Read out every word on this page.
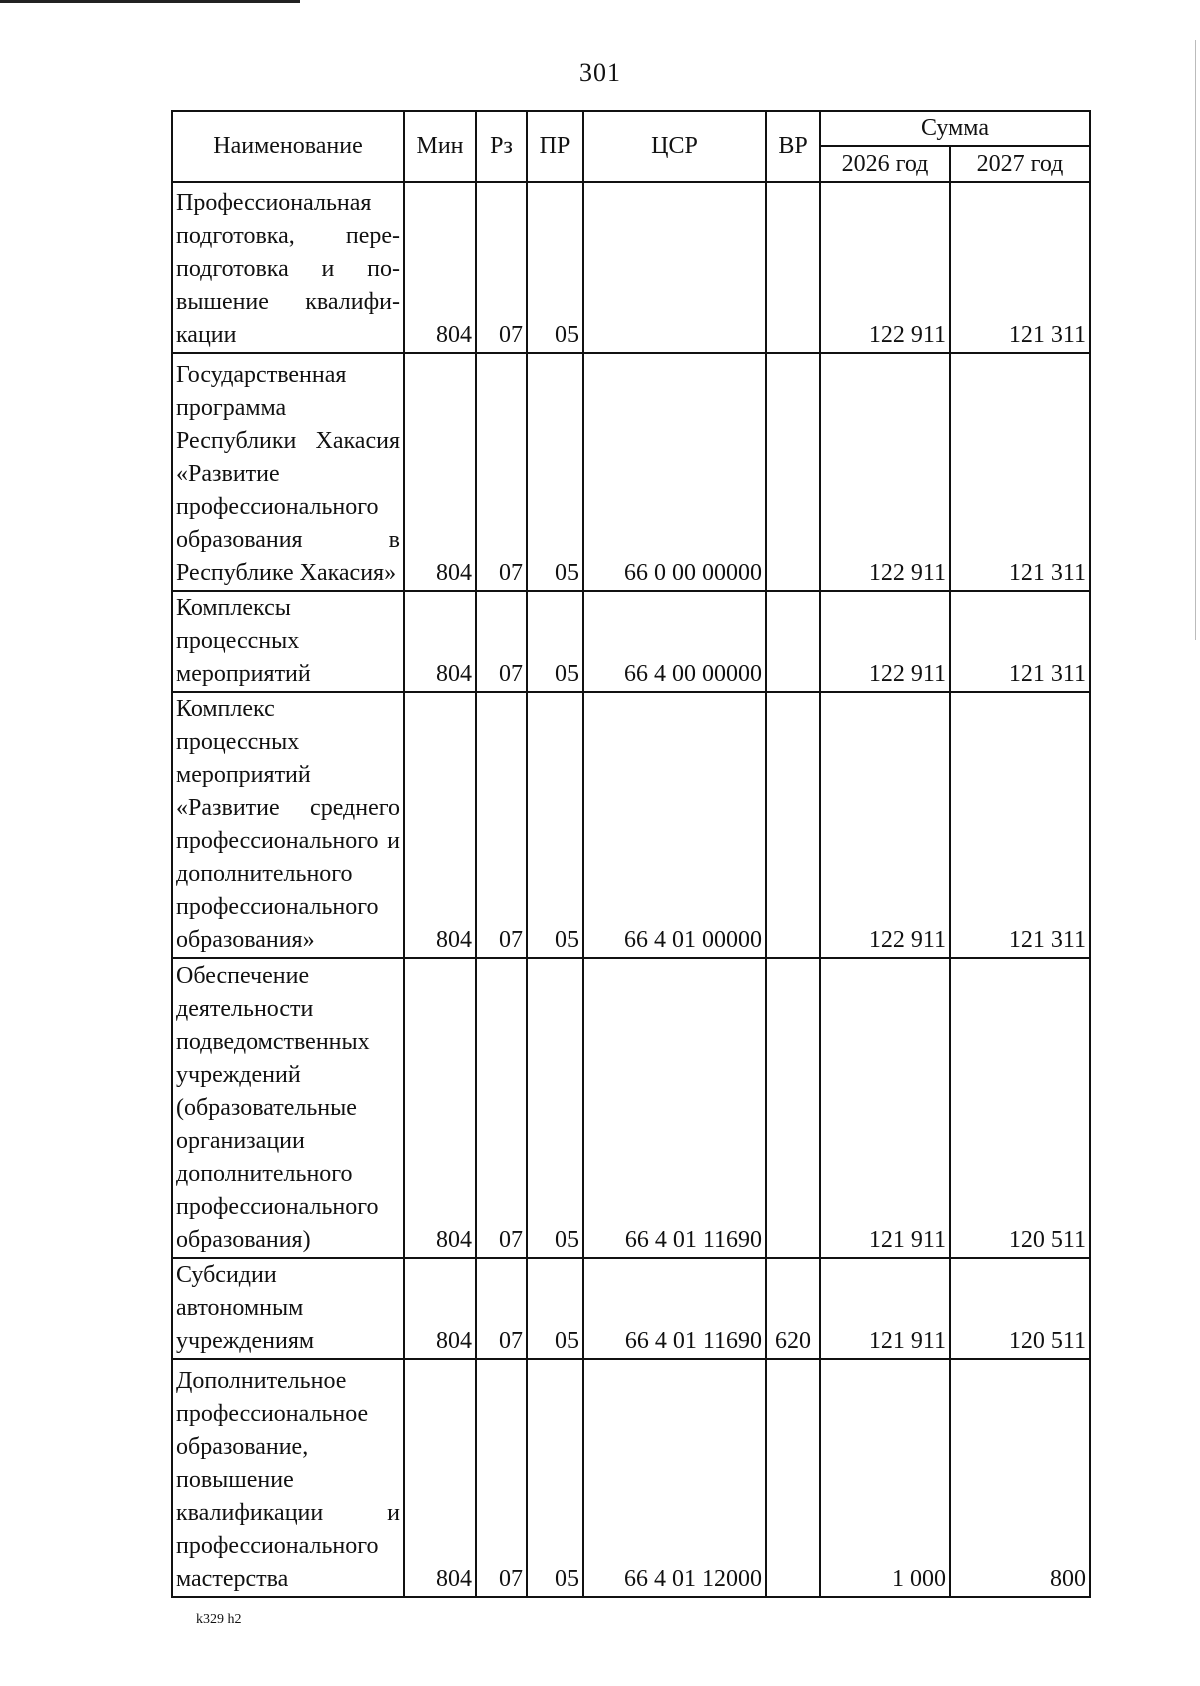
301
Наименование	Мин	Рз	ПР	ЦСР	ВР	Сумма	
						2026 год	2027 год
Профессиональная подготовка, пере-подготовка и по-вышение квалифи-кации	804	07	05			122 911	121 311
Государственная программа Республики Хакасия «Развитие профессионального образования в Республике Хакасия»	804	07	05	66 0 00 00000		122 911	121 311
Комплексы процессных мероприятий	804	07	05	66 4 00 00000		122 911	121 311
Комплекс процессных мероприятий «Развитие среднего профессионального и дополнительного профессионального образования»	804	07	05	66 4 01 00000		122 911	121 311
Обеспечение деятельности подведомственных учреждений (образовательные организации дополнительного профессионального образования)	804	07	05	66 4 01 11690		121 911	120 511
Субсидии автономным учреждениям	804	07	05	66 4 01 11690	620	121 911	120 511
Дополнительное профессиональное образование, повышение квалификации и профессионального мастерства	804	07	05	66 4 01 12000		1 000	800
k329 h2
